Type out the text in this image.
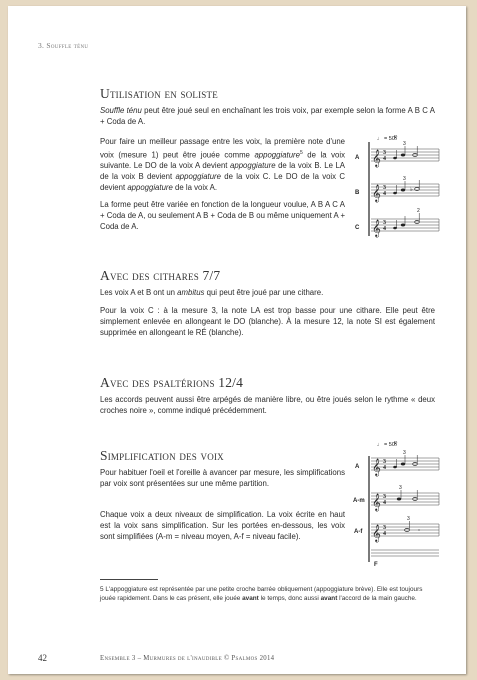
3. Souffle ténu
Utilisation en soliste

Souffle ténu peut être joué seul en enchaînant les trois voix, par exemple selon la forme A B C A + Coda de A.

Pour faire un meilleur passage entre les voix, la première note d'une voix (mesure 1) peut être jouée comme appoggiature$^5$ de la voix suivante. Le DO de la voix A devient appoggiature de la voix B. Le LA de la voix B devient appoggiature de la voix C. Le DO de la voix C devient appoggiature de la voix A.

La forme peut être variée en fonction de la longueur voulue, A B A C A + Coda de A, ou seulement A B + Coda de B ou même uniquement A + Coda de A.

♩ = 50 𝄋
A 𝄞 3
4
3
B 𝄞 3
4
3
♭
C 𝄞 3
4
2
Avec des cithares 7/7

Les voix A et B ont un ambitus qui peut être joué par une cithare.

Pour la voix C : à la mesure 3, la note LA est trop basse pour une cithare. Elle peut être simplement enlevée en allongeant le DO (blanche). À la mesure 12, la note SI est également supprimée en allongeant le RÉ (blanche).

Avec des psaltérions 12/4

Les accords peuvent aussi être arpégés de manière libre, ou être joués selon le rythme « deux croches noire », comme indiqué précédemment.

Simplification des voix

Pour habituer l'oeil et l'oreille à avancer par mesure, les simplifications par voix sont présentées sur une même partition.

Chaque voix a deux niveaux de simplification. La voix écrite en haut est la voix sans simplification. Sur les portées en-dessous, les voix sont simplifiées (A-m = niveau moyen, A-f = niveau facile).

♩ = 50 𝄋
A 𝄞 3
4
3
A-m 𝄞 3
4
3
A-f 𝄞 3
4
3
F

5 L'appoggiature est représentée par une petite croche barrée obliquement (appoggiature brève). Elle est toujours jouée rapidement. Dans le cas présent, elle jouée avant le temps, donc aussi avant l'accord de la main gauche.

42	Ensemble 3 – Murmures de l'inaudible © Psalmos 2014
